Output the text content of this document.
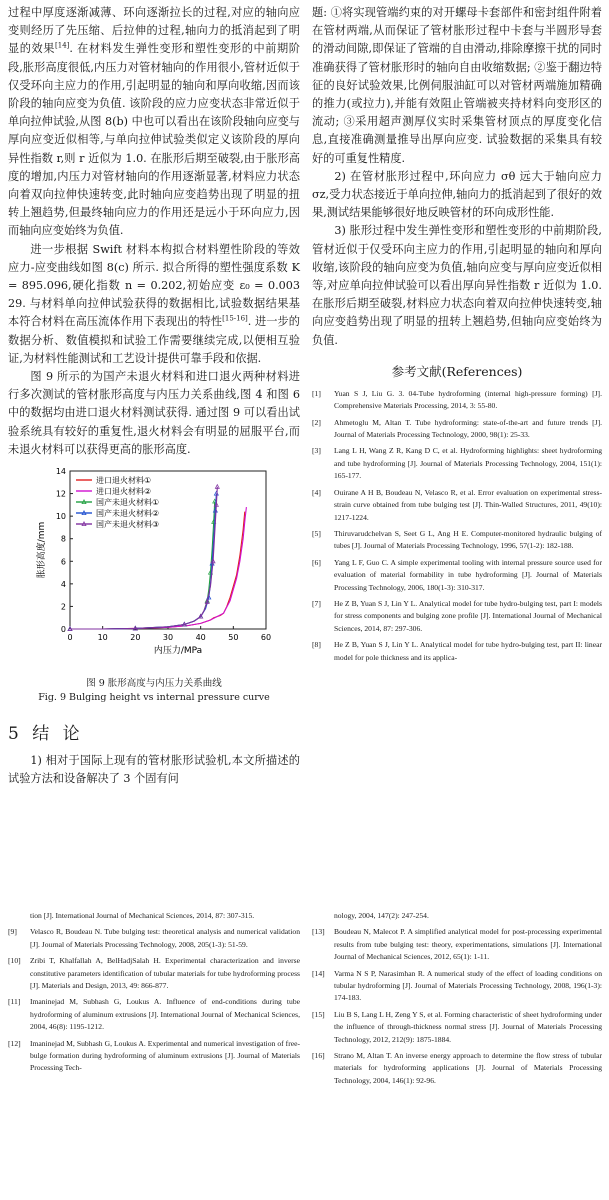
过程中厚度逐渐减薄、环向逐渐拉长的过程,对应的轴向应变则经历了先压缩、后拉伸的过程,轴向力的抵消起到了明显的效果[14]. 在材料发生弹性变形和塑性变形的中前期阶段,胀形高度很低,内压力对管材轴向的作用很小,管材近似于仅受环向主应力的作用,引起明显的轴向和厚向收缩,因而该阶段的轴向应变为负值. 该阶段的应力应变状态非常近似于单向拉伸试验,从图 8(b) 中也可以看出在该阶段轴向应变与厚向应变近似相等,与单向拉伸试验类似定义该阶段的厚向异性指数 r,则 r 近似为 1.0. 在胀形后期至破裂,由于胀形高度的增加,内压力对管材轴向的作用逐渐显著,材料应力状态向着双向拉伸快速转变,此时轴向应变趋势出现了明显的扭转上翘趋势,但最终轴向应力的作用还是远小于环向应力,因而轴向应变始终为负值.

进一步根据 Swift 材料本构拟合材料塑性阶段的等效应力-应变曲线如图 8(c) 所示. 拟合所得的塑性强度系数 K = 895.096,硬化指数 n = 0.202,初始应变 ε₀ = 0.003 29. 与材料单向拉伸试验获得的数据相比,试验数据结果基本符合材料在高压流体作用下表现出的特性[15-16]. 进一步的数据分析、数值模拟和试验工作需要继续完成,以便相互验证,为材料性能测试和工艺设计提供可靠手段和依据.

图 9 所示的为国产未退火材料和进口退火两种材料进行多次测试的管材胀形高度与内压力关系曲线,图 4 和图 6 中的数据均由进口退火材料测试获得. 通过图 9 可以看出试验系统具有较好的重复性,退火材料会有明显的屈服平台,而未退火材料可以获得更高的胀形高度.

0	10	20	30	40	50	60
0
2
4
6
8
10
12
14
内压力/MPa
胀形高度/mm
进口退火材料①
进口退火材料②
国产未退火材料①
国产未退火材料②
国产未退火材料③

图 9 胀形高度与内压力关系曲线

Fig. 9 Bulging height vs internal pressure curve

5 结 论

1) 相对于国际上现有的管材胀形试验机,本文所描述的试验方法和设备解决了 3 个固有问

题: ①将实现管端约束的对开螺母卡套部件和密封组件附着在管材两端,从而保证了管材胀形过程中卡套与半圆形导套的滑动间隙,即保证了管端的自由滑动,排除摩擦干扰的同时准确获得了管材胀形时的轴向自由收缩数据; ②鉴于翻边特征的良好试验效果,比例伺服油缸可以对管材两端施加精确的推力(或拉力),并能有效阻止管端被夹持材料向变形区的流动; ③采用超声测厚仪实时采集管材顶点的厚度变化信息,直接准确测量推导出厚向应变. 试验数据的采集具有较好的可重复性精度.

2) 在管材胀形过程中,环向应力 σθ 远大于轴向应力 σz,受力状态接近于单向拉伸,轴向力的抵消起到了很好的效果,测试结果能够很好地反映管材的环向成形性能.

3) 胀形过程中发生弹性变形和塑性变形的中前期阶段,管材近似于仅受环向主应力的作用,引起明显的轴向和厚向收缩,该阶段的轴向应变为负值,轴向应变与厚向应变近似相等,对应单向拉伸试验可以看出厚向异性指数 r 近似为 1.0. 在胀形后期至破裂,材料应力状态向着双向拉伸快速转变,轴向应变趋势出现了明显的扭转上翘趋势,但轴向应变始终为负值.

参考文献(References)
[1] Yuan S J, Liu G. 3. 04-Tube hydroforming (internal high-pressure forming) [J]. Comprehensive Materials Processing, 2014, 3: 55-80.
[2] Ahmetoglu M, Altan T. Tube hydroforming: state-of-the-art and future trends [J]. Journal of Materials Processing Technology, 2000, 98(1): 25-33.
[3] Lang L H, Wang Z R, Kang D C, et al. Hydroforming highlights: sheet hydroforming and tube hydroforming [J]. Journal of Materials Processing Technology, 2004, 151(1): 165-177.
[4] Ouirane A H B, Boudeau N, Velasco R, et al. Error evaluation on experimental stress-strain curve obtained from tube bulging test [J]. Thin-Walled Structures, 2011, 49(10): 1217-1224.
[5] Thiruvarudchelvan S, Seet G L, Ang H E. Computer-monitored hydraulic bulging of tubes [J]. Journal of Materials Processing Technology, 1996, 57(1-2): 182-188.
[6] Yang L F, Guo C. A simple experimental tooling with internal pressure source used for evaluation of material formability in tube hydroforming [J]. Journal of Materials Processing Technology, 2006, 180(1-3): 310-317.
[7] He Z B, Yuan S J, Lin Y L. Analytical model for tube hydro-bulging test, part I: models for stress components and bulging zone profile [J]. International Journal of Mechanical Sciences, 2014, 87: 297-306.
[8] He Z B, Yuan S J, Lin Y L. Analytical model for tube hydro-bulging test, part II: linear model for pole thickness and its applica-
tion [J]. International Journal of Mechanical Sciences, 2014, 87: 307-315.
[9] Velasco R, Boudeau N. Tube bulging test: theoretical analysis and numerical validation [J]. Journal of Materials Processing Technology, 2008, 205(1-3): 51-59.
[10] Zribi T, Khalfallah A, BelHadjSalah H. Experimental characterization and inverse constitutive parameters identification of tubular materials for tube hydroforming process [J]. Materials and Design, 2013, 49: 866-877.
[11] Imaninejad M, Subhash G, Loukus A. Influence of end-conditions during tube hydroforming of aluminum extrusions [J]. International Journal of Mechanical Sciences, 2004, 46(8): 1195-1212.
[12] Imaninejad M, Subhash G, Loukus A. Experimental and numerical investigation of free-bulge formation during hydroforming of aluminum extrusions [J]. Journal of Materials Processing Tech-
nology, 2004, 147(2): 247-254.
[13] Boudeau N, Malecot P. A simplified analytical model for post-processing experimental results from tube bulging test: theory, experimentations, simulations [J]. International Journal of Mechanical Sciences, 2012, 65(1): 1-11.
[14] Varma N S P, Narasimhan R. A numerical study of the effect of loading conditions on tubular hydroforming [J]. Journal of Materials Processing Technology, 2008, 196(1-3): 174-183.
[15] Liu B S, Lang L H, Zeng Y S, et al. Forming characteristic of sheet hydroforming under the influence of through-thickness normal stress [J]. Journal of Materials Processing Technology, 2012, 212(9): 1875-1884.
[16] Strano M, Altan T. An inverse energy approach to determine the flow stress of tubular materials for hydroforming applications [J]. Journal of Materials Processing Technology, 2004, 146(1): 92-96.
